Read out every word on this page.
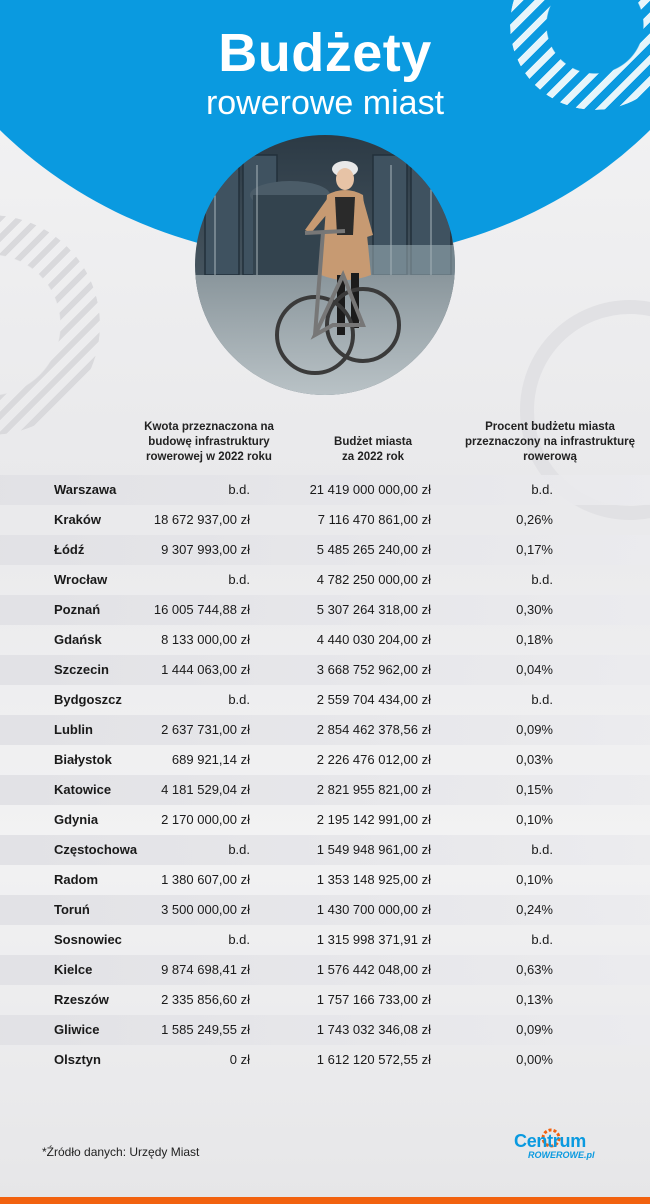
Budżety
rowerowe miast
Kwota przeznaczona na
budowę infrastruktury
rowerowej w 2022 roku
Budżet miasta
za 2022 rok
Procent budżetu miasta
przeznaczony na infrastrukturę
rowerową
Warszawa	b.d.	21 419 000 000,00 zł	b.d.
Kraków	18 672 937,00 zł	7 116 470 861,00 zł	0,26%
Łódź	9 307 993,00 zł	5 485 265 240,00 zł	0,17%
Wrocław	b.d.	4 782 250 000,00 zł	b.d.
Poznań	16 005 744,88 zł	5 307 264 318,00 zł	0,30%
Gdańsk	8 133 000,00 zł	4 440 030 204,00 zł	0,18%
Szczecin	1 444 063,00 zł	3 668 752 962,00 zł	0,04%
Bydgoszcz	b.d.	2 559 704 434,00 zł	b.d.
Lublin	2 637 731,00 zł	2 854 462 378,56 zł	0,09%
Białystok	689 921,14 zł	2 226 476 012,00 zł	0,03%
Katowice	4 181 529,04 zł	2 821 955 821,00 zł	0,15%
Gdynia	2 170 000,00 zł	2 195 142 991,00 zł	0,10%
Częstochowa	b.d.	1 549 948 961,00 zł	b.d.
Radom	1 380 607,00 zł	1 353 148 925,00 zł	0,10%
Toruń	3 500 000,00 zł	1 430 700 000,00 zł	0,24%
Sosnowiec	b.d.	1 315 998 371,91 zł	b.d.
Kielce	9 874 698,41 zł	1 576 442 048,00 zł	0,63%
Rzeszów	2 335 856,60 zł	1 757 166 733,00 zł	0,13%
Gliwice	1 585 249,55 zł	1 743 032 346,08 zł	0,09%
Olsztyn	0 zł	1 612 120 572,55 zł	0,00%
*Źródło danych: Urzędy Miast
Centrum
ROWEROWE.pl
